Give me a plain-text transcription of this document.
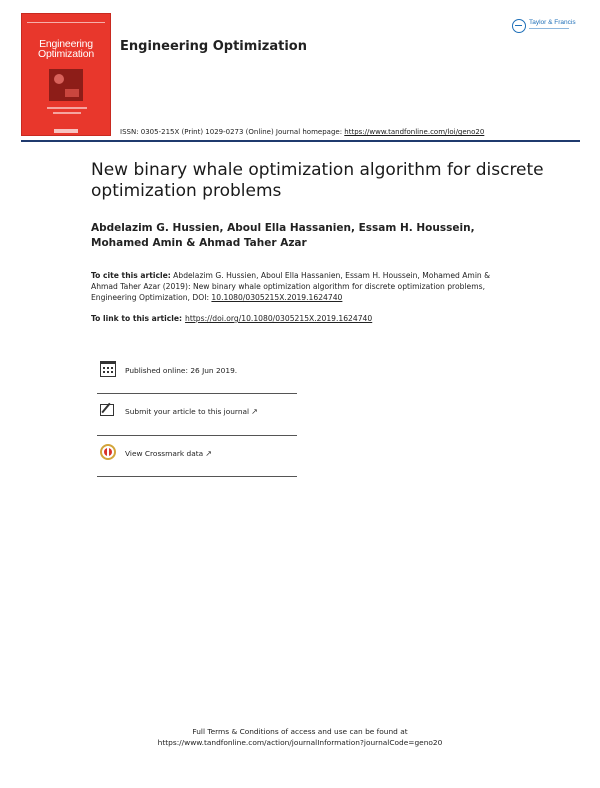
Engineering
Optimization	Engineering Optimization
Taylor & Francis
ISSN: 0305-215X (Print) 1029-0273 (Online) Journal homepage: https://www.tandfonline.com/loi/geno20
New binary whale optimization algorithm for discrete optimization problems
Abdelazim G. Hussien, Aboul Ella Hassanien, Essam H. Houssein, Mohamed Amin & Ahmad Taher Azar
To cite this article: Abdelazim G. Hussien, Aboul Ella Hassanien, Essam H. Houssein, Mohamed Amin & Ahmad Taher Azar (2019): New binary whale optimization algorithm for discrete optimization problems, Engineering Optimization, DOI: 10.1080/0305215X.2019.1624740
To link to this article: https://doi.org/10.1080/0305215X.2019.1624740
Published online: 26 Jun 2019.
Submit your article to this journal ↗
View Crossmark data ↗
Full Terms & Conditions of access and use can be found at
https://www.tandfonline.com/action/journalInformation?journalCode=geno20
